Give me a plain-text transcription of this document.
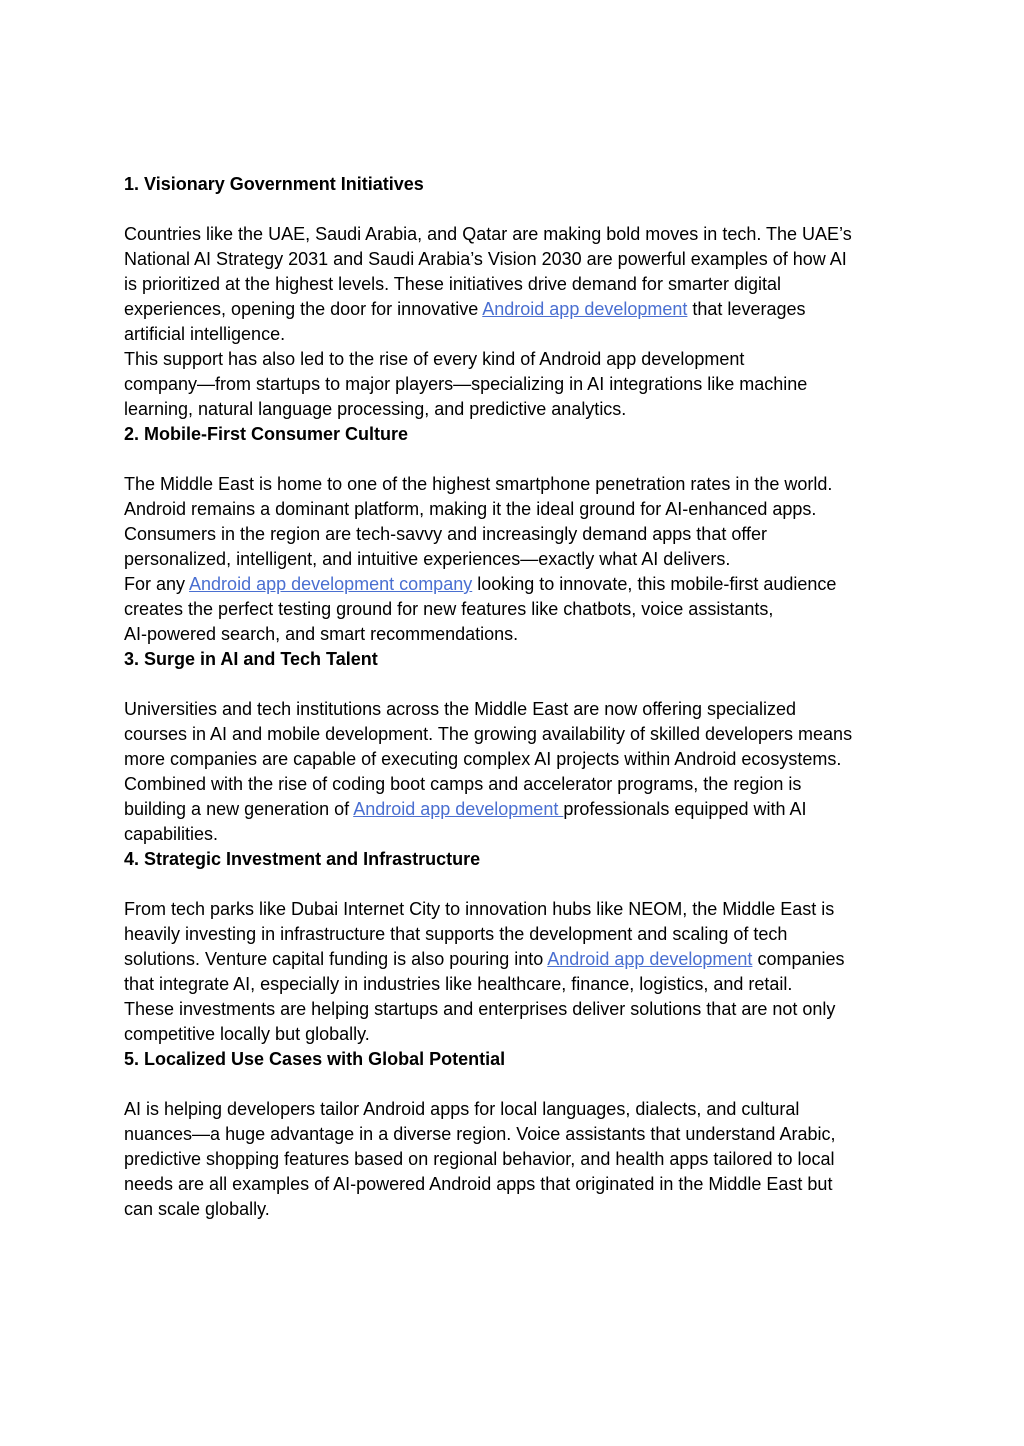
1. Visionary Government Initiatives
Countries like the UAE, Saudi Arabia, and Qatar are making bold moves in tech. The UAE’s
National AI Strategy 2031 and Saudi Arabia’s Vision 2030 are powerful examples of how AI
is prioritized at the highest levels. These initiatives drive demand for smarter digital
experiences, opening the door for innovative Android app development that leverages
artificial intelligence.
This support has also led to the rise of every kind of Android app development
company—from startups to major players—specializing in AI integrations like machine
learning, natural language processing, and predictive analytics.
2. Mobile-First Consumer Culture
The Middle East is home to one of the highest smartphone penetration rates in the world.
Android remains a dominant platform, making it the ideal ground for AI-enhanced apps.
Consumers in the region are tech-savvy and increasingly demand apps that offer
personalized, intelligent, and intuitive experiences—exactly what AI delivers.
For any Android app development company looking to innovate, this mobile-first audience
creates the perfect testing ground for new features like chatbots, voice assistants,
AI-powered search, and smart recommendations.
3. Surge in AI and Tech Talent
Universities and tech institutions across the Middle East are now offering specialized
courses in AI and mobile development. The growing availability of skilled developers means
more companies are capable of executing complex AI projects within Android ecosystems.
Combined with the rise of coding boot camps and accelerator programs, the region is
building a new generation of Android app development professionals equipped with AI
capabilities.
4. Strategic Investment and Infrastructure
From tech parks like Dubai Internet City to innovation hubs like NEOM, the Middle East is
heavily investing in infrastructure that supports the development and scaling of tech
solutions. Venture capital funding is also pouring into Android app development companies
that integrate AI, especially in industries like healthcare, finance, logistics, and retail.
These investments are helping startups and enterprises deliver solutions that are not only
competitive locally but globally.
5. Localized Use Cases with Global Potential
AI is helping developers tailor Android apps for local languages, dialects, and cultural
nuances—a huge advantage in a diverse region. Voice assistants that understand Arabic,
predictive shopping features based on regional behavior, and health apps tailored to local
needs are all examples of AI-powered Android apps that originated in the Middle East but
can scale globally.
